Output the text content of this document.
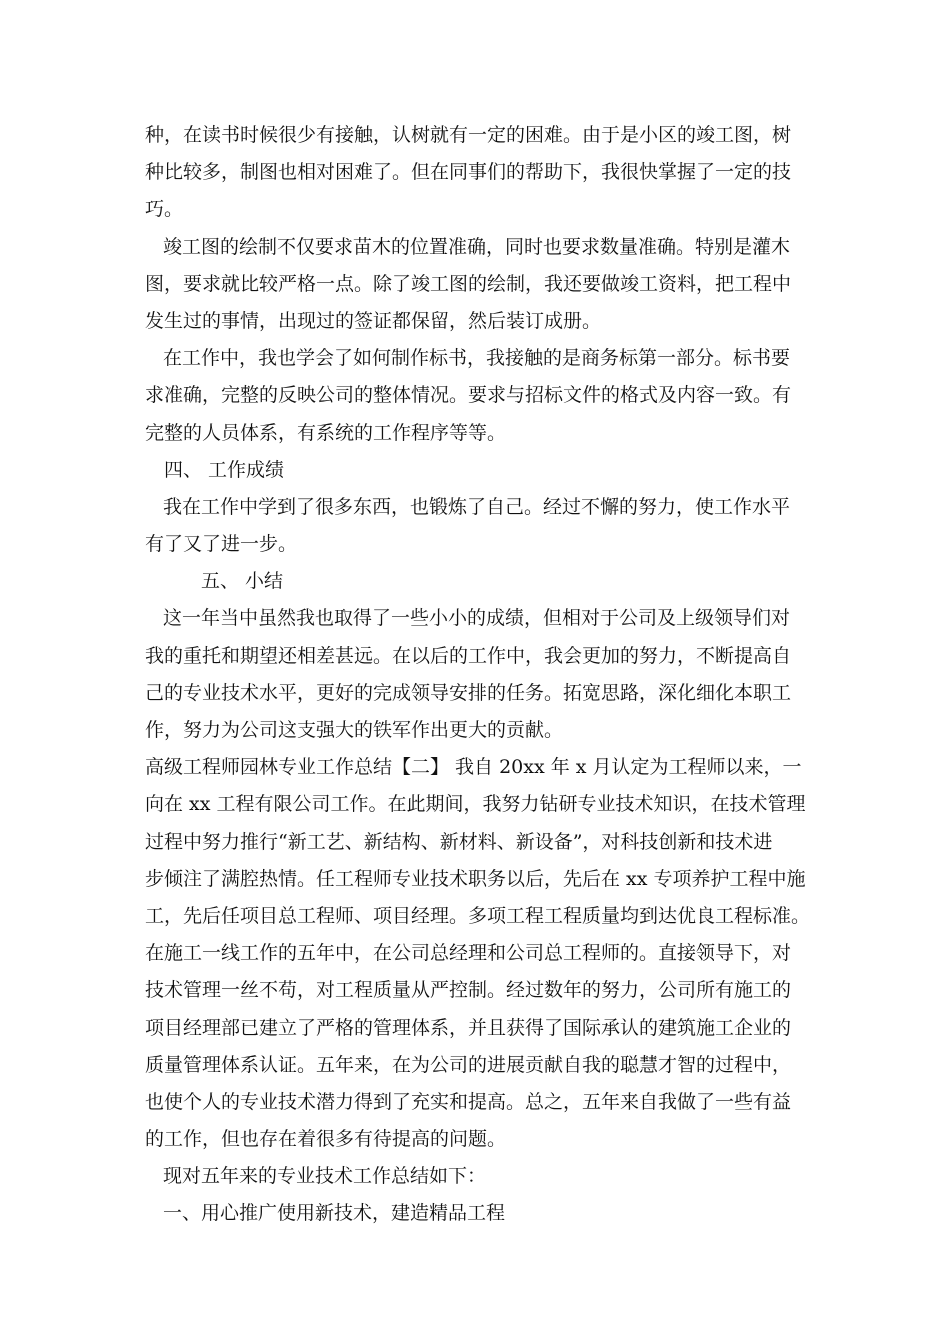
种，在读书时候很少有接触，认树就有一定的困难。由于是小区的竣工图，树
种比较多，制图也相对困难了。但在同事们的帮助下，我很快掌握了一定的技
巧。
竣工图的绘制不仅要求苗木的位置准确，同时也要求数量准确。特别是灌木
图，要求就比较严格一点。除了竣工图的绘制，我还要做竣工资料，把工程中
发生过的事情，出现过的签证都保留，然后装订成册。
在工作中，我也学会了如何制作标书，我接触的是商务标第一部分。标书要
求准确，完整的反映公司的整体情况。要求与招标文件的格式及内容一致。有
完整的人员体系，有系统的工作程序等等。
四、 工作成绩
我在工作中学到了很多东西，也锻炼了自己。经过不懈的努力，使工作水平
有了又了进一步。
五、 小结
这一年当中虽然我也取得了一些小小的成绩，但相对于公司及上级领导们对
我的重托和期望还相差甚远。在以后的工作中，我会更加的努力，不断提高自
己的专业技术水平，更好的完成领导安排的任务。拓宽思路，深化细化本职工
作，努力为公司这支强大的铁军作出更大的贡献。
高级工程师园林专业工作总结【二】 我自 20xx 年 x 月认定为工程师以来，一
向在 xx 工程有限公司工作。在此期间，我努力钻研专业技术知识，在技术管理
过程中努力推行“新工艺、新结构、新材料、新设备”，对科技创新和技术进
步倾注了满腔热情。任工程师专业技术职务以后，先后在 xx 专项养护工程中施
工，先后任项目总工程师、项目经理。多项工程工程质量均到达优良工程标准。
在施工一线工作的五年中，在公司总经理和公司总工程师的。直接领导下，对
技术管理一丝不苟，对工程质量从严控制。经过数年的努力，公司所有施工的
项目经理部已建立了严格的管理体系，并且获得了国际承认的建筑施工企业的
质量管理体系认证。五年来，在为公司的进展贡献自我的聪慧才智的过程中，
也使个人的专业技术潜力得到了充实和提高。总之，五年来自我做了一些有益
的工作，但也存在着很多有待提高的问题。
现对五年来的专业技术工作总结如下：
一、用心推广使用新技术，建造精品工程
